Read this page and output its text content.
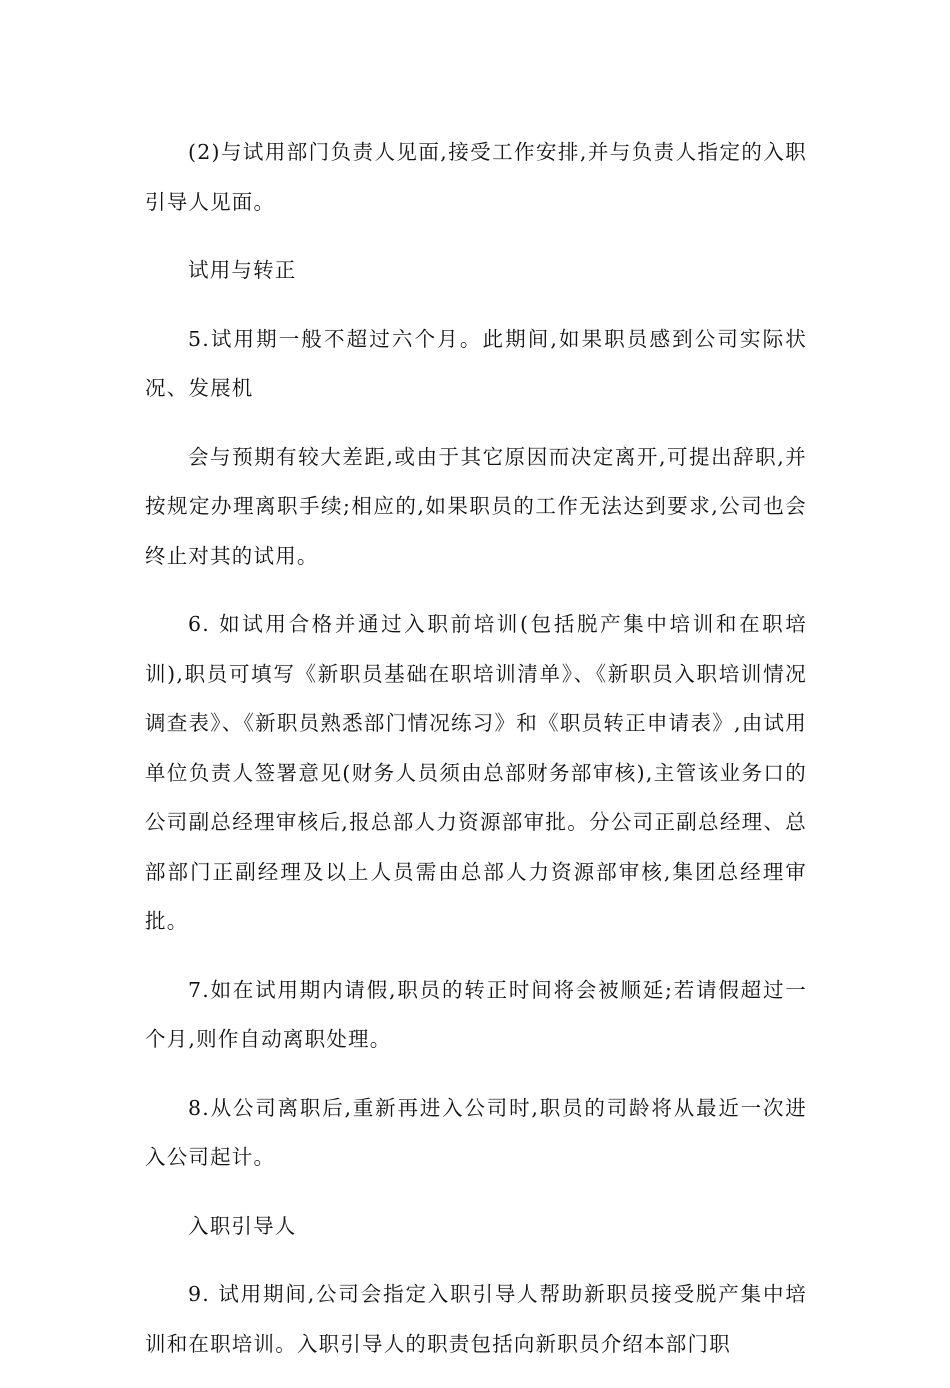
(2)与试用部门负责人见面,接受工作安排,并与负责人指定的入职引导人见面。

试用与转正

5.试用期一般不超过六个月。此期间,如果职员感到公司实际状况、发展机

会与预期有较大差距,或由于其它原因而决定离开,可提出辞职,并按规定办理离职手续;相应的,如果职员的工作无法达到要求,公司也会终止对其的试用。

6. 如试用合格并通过入职前培训(包括脱产集中培训和在职培训),职员可填写《新职员基础在职培训清单》、《新职员入职培训情况调查表》、《新职员熟悉部门情况练习》和《职员转正申请表》,由试用单位负责人签署意见(财务人员须由总部财务部审核),主管该业务口的公司副总经理审核后,报总部人力资源部审批。分公司正副总经理、总部部门正副经理及以上人员需由总部人力资源部审核,集团总经理审批。

7.如在试用期内请假,职员的转正时间将会被顺延;若请假超过一个月,则作自动离职处理。

8.从公司离职后,重新再进入公司时,职员的司龄将从最近一次进入公司起计。

入职引导人

9. 试用期间,公司会指定入职引导人帮助新职员接受脱产集中培训和在职培训。入职引导人的职责包括向新职员介绍本部门职
